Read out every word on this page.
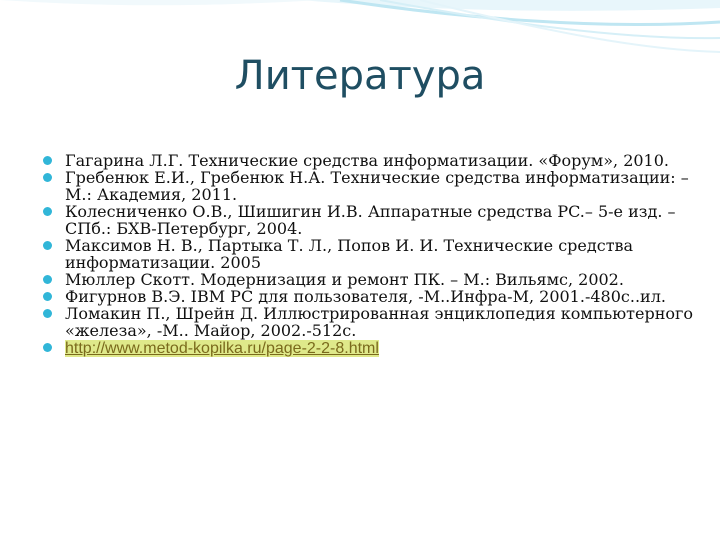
Литература
Гагарина Л.Г. Технические средства информатизации. «Форум», 2010.
Гребенюк Е.И., Гребенюк Н.А. Технические средства информатизации: – М.: Академия, 2011.
Колесниченко О.В., Шишигин И.В. Аппаратные средства PC.– 5-е изд. – СПб.: БХВ-Петербург, 2004.
Максимов Н. В., Партыка Т. Л., Попов И. И. Технические средства информатизации. 2005
Мюллер Скотт. Модернизация и ремонт ПК. – М.: Вильямс, 2002.
Фигурнов В.Э. IBM PC для пользователя, -М..Инфра-М, 2001.-480с..ил.
Ломакин П., Шрейн Д. Иллюстрированная энциклопедия компьютерного «железа», -М.. Майор, 2002.-512с.
http://www.metod-kopilka.ru/page-2-2-8.html
